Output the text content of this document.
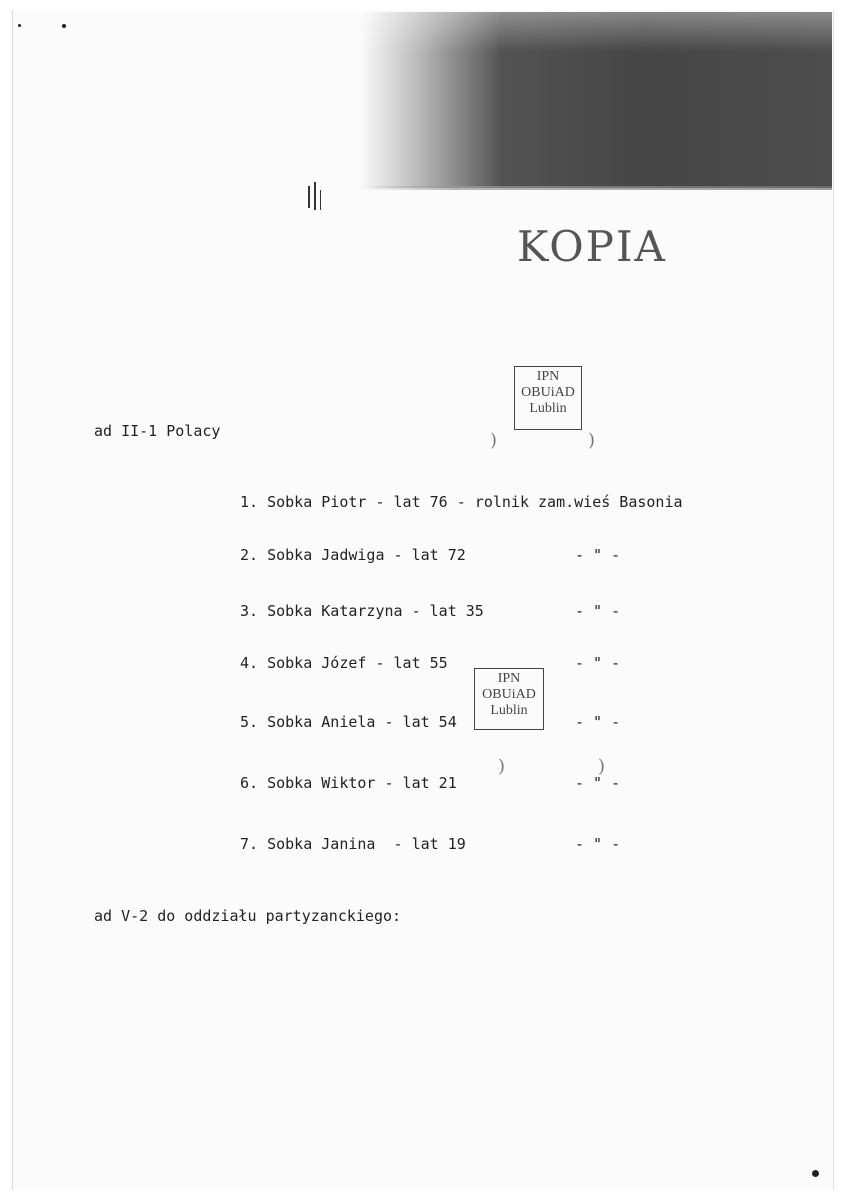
KOPIA
IPN
OBUiAD
Lublin
)	)
ad II-1 Polacy
1. Sobka Piotr - lat 76 - rolnik zam.wieś Basonia
2. Sobka Jadwiga - lat 72	- " -
3. Sobka Katarzyna - lat 35	- " -
4. Sobka Józef - lat 55	- " -
5. Sobka Aniela - lat 54	- " -
6. Sobka Wiktor - lat 21	- " -
7. Sobka Janina  - lat 19	- " -
IPN
OBUiAD
Lublin
)	)
ad V-2 do oddziału partyzanckiego:
